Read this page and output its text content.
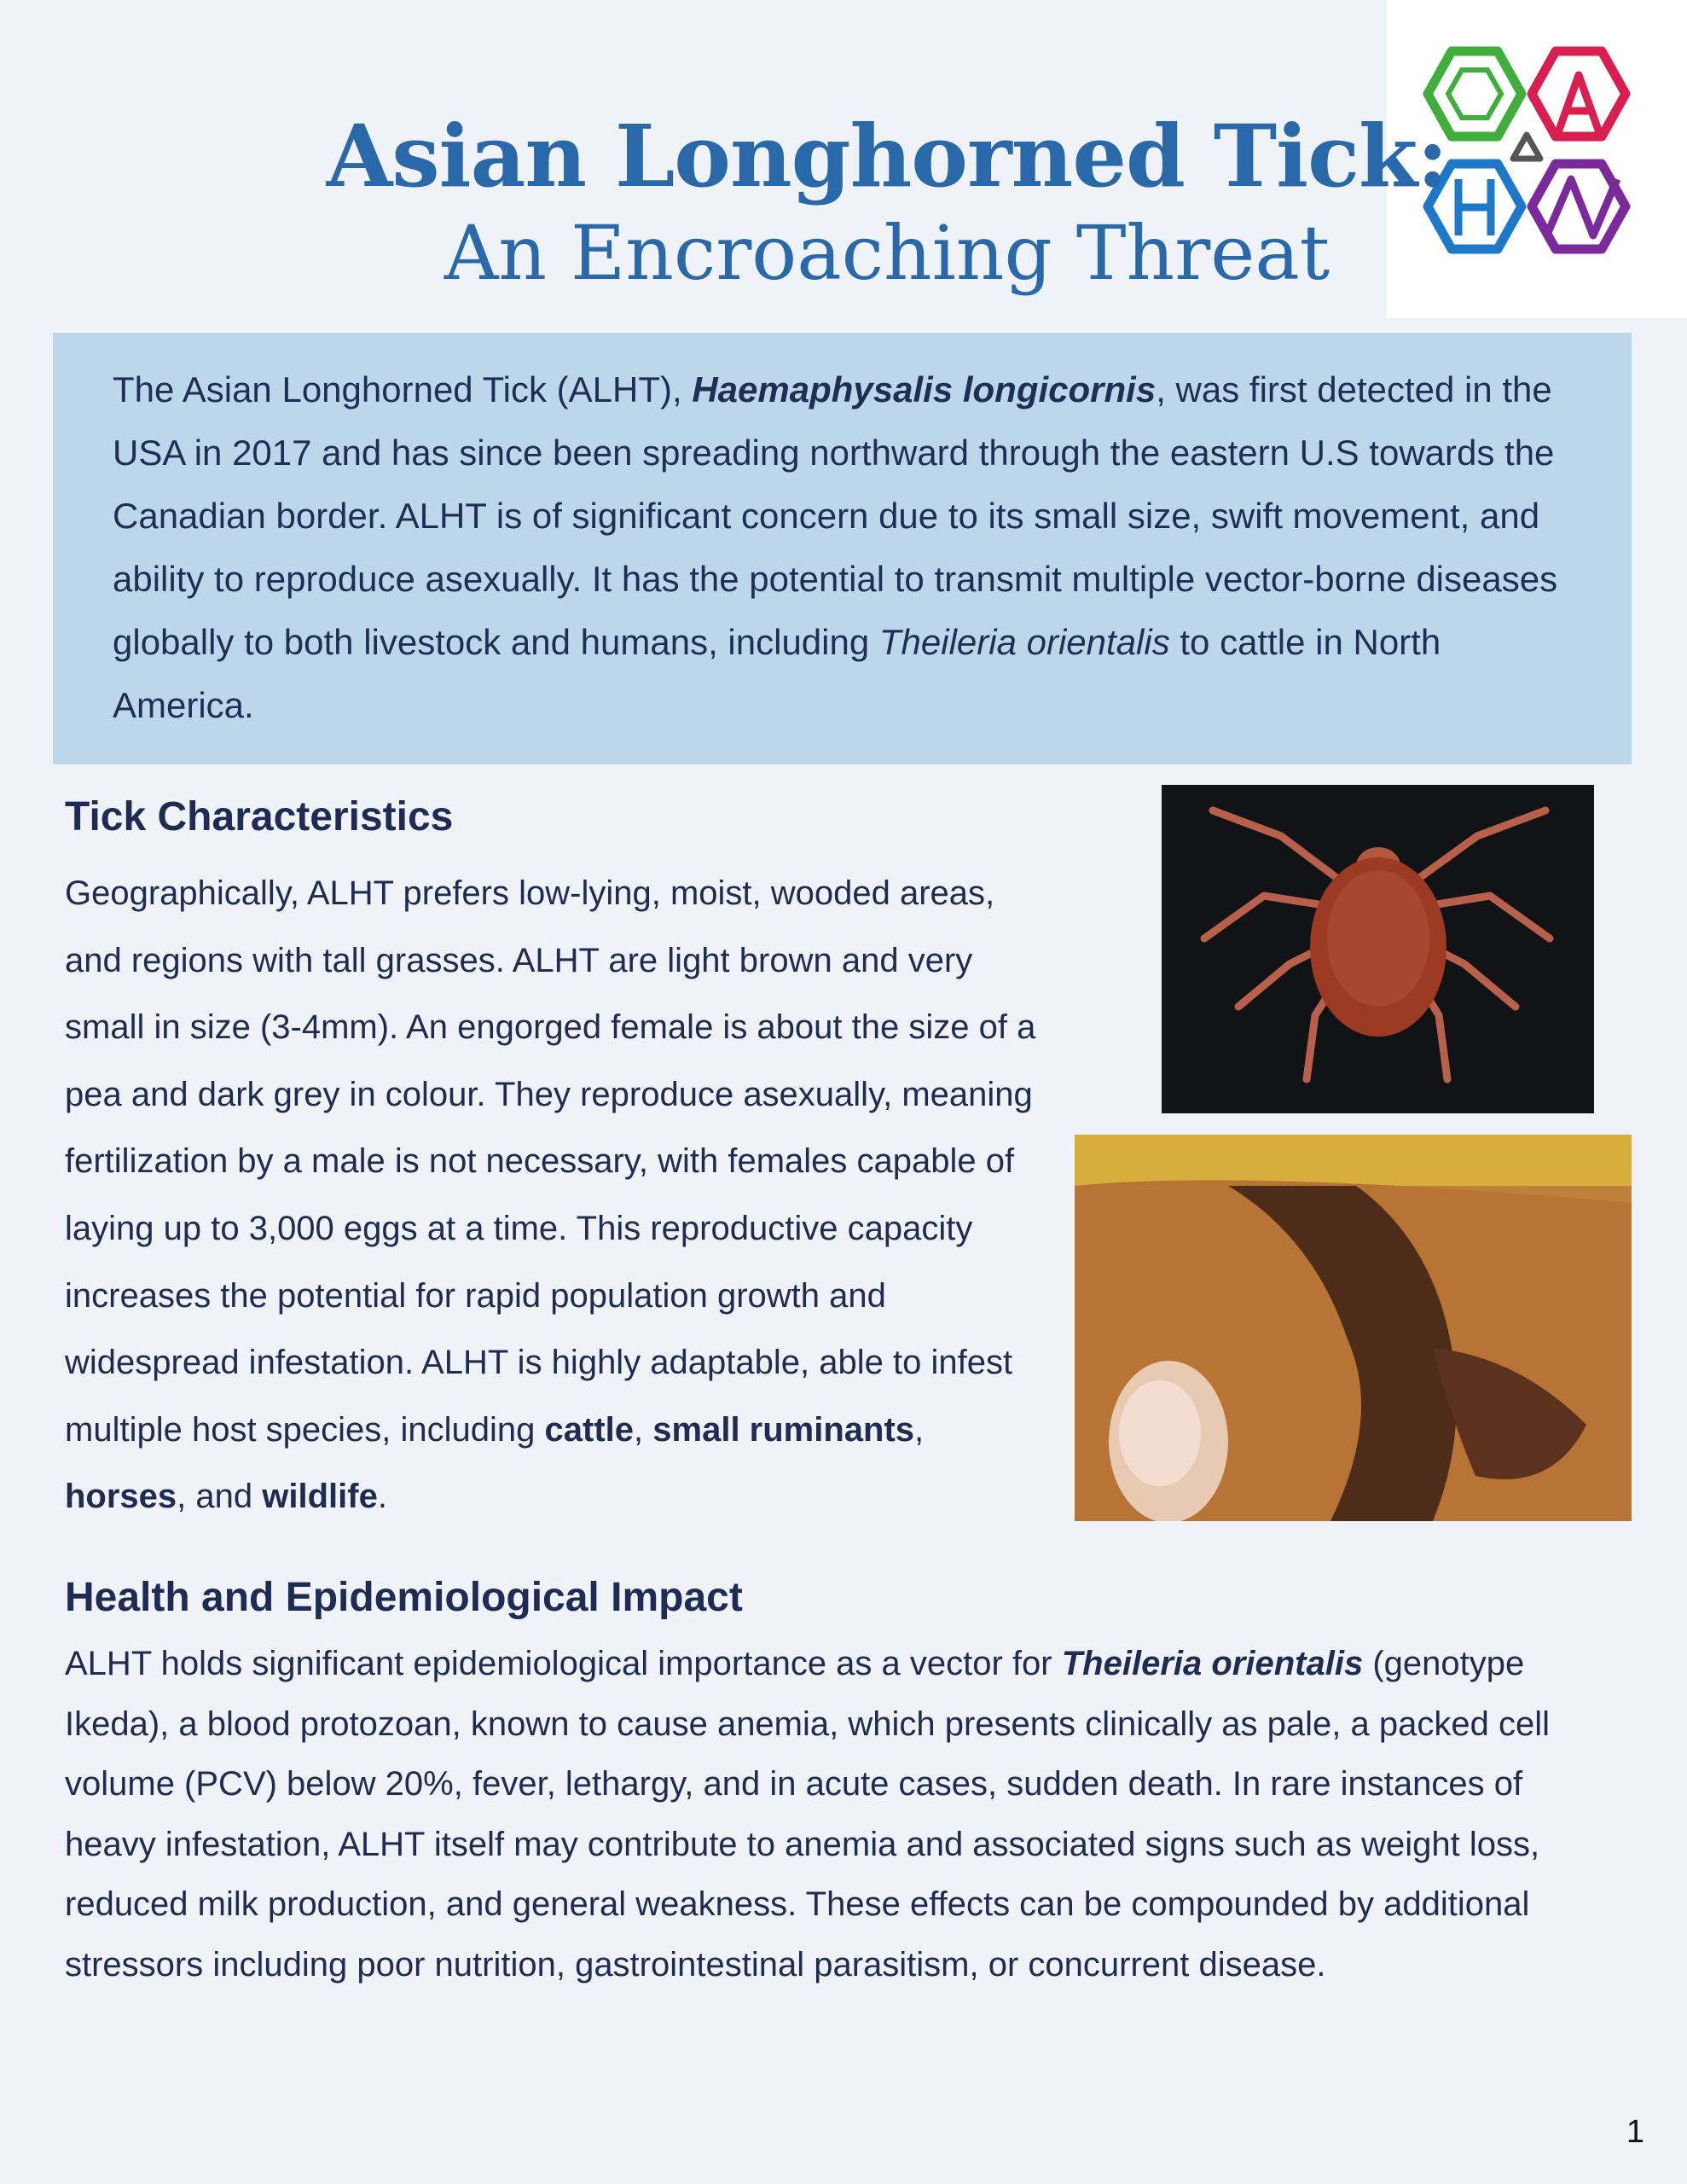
Asian Longhorned Tick:
An Encroaching Threat

The Asian Longhorned Tick (ALHT), Haemaphysalis longicornis, was first detected in the USA in 2017 and has since been spreading northward through the eastern U.S towards the Canadian border. ALHT is of significant concern due to its small size, swift movement, and ability to reproduce asexually. It has the potential to transmit multiple vector-borne diseases globally to both livestock and humans, including Theileria orientalis to cattle in North America.

Tick Characteristics

Geographically, ALHT prefers low-lying, moist, wooded areas, and regions with tall grasses. ALHT are light brown and very small in size (3-4mm). An engorged female is about the size of a pea and dark grey in colour. They reproduce asexually, meaning fertilization by a male is not necessary, with females capable of laying up to 3,000 eggs at a time. This reproductive capacity increases the potential for rapid population growth and widespread infestation. ALHT is highly adaptable, able to infest multiple host species, including cattle, small ruminants, horses, and wildlife.

Health and Epidemiological Impact

ALHT holds significant epidemiological importance as a vector for Theileria orientalis (genotype Ikeda), a blood protozoan, known to cause anemia, which presents clinically as pale, a packed cell volume (PCV) below 20%, fever, lethargy, and in acute cases, sudden death. In rare instances of heavy infestation, ALHT itself may contribute to anemia and associated signs such as weight loss, reduced milk production, and general weakness. These effects can be compounded by additional stressors including poor nutrition, gastrointestinal parasitism, or concurrent disease.

1
